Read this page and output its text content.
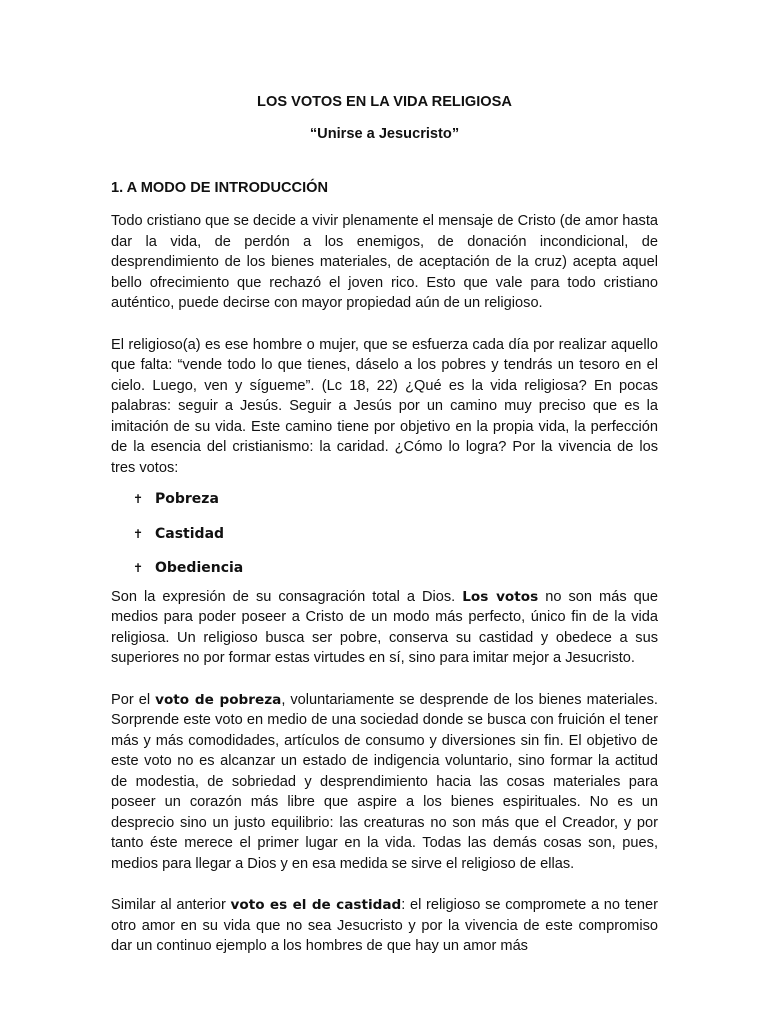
LOS VOTOS EN LA VIDA RELIGIOSA
“Unirse a Jesucristo”
1. A MODO DE INTRODUCCIÓN

Todo cristiano que se decide a vivir plenamente el mensaje de Cristo (de amor hasta dar la vida, de perdón a los enemigos, de donación incondicional, de desprendimiento de los bienes materiales, de aceptación de la cruz) acepta aquel bello ofrecimiento que rechazó el joven rico. Esto que vale para todo cristiano auténtico, puede decirse con mayor propiedad aún de un religioso.

El religioso(a) es ese hombre o mujer, que se esfuerza cada día por realizar aquello que falta: “vende todo lo que tienes, dáselo a los pobres y tendrás un tesoro en el cielo. Luego, ven y sígueme”. (Lc 18, 22) ¿Qué es la vida religiosa? En pocas palabras: seguir a Jesús. Seguir a Jesús por un camino muy preciso que es la imitación de su vida. Este camino tiene por objetivo en la propia vida, la perfección de la esencia del cristianismo: la caridad. ¿Cómo lo logra? Por la vivencia de los tres votos:

✝ Pobreza
✝ Castidad
✝ Obediencia

Son la expresión de su consagración total a Dios. Los votos no son más que medios para poder poseer a Cristo de un modo más perfecto, único fin de la vida religiosa. Un religioso busca ser pobre, conserva su castidad y obedece a sus superiores no por formar estas virtudes en sí, sino para imitar mejor a Jesucristo.

Por el voto de pobreza, voluntariamente se desprende de los bienes materiales. Sorprende este voto en medio de una sociedad donde se busca con fruición el tener más y más comodidades, artículos de consumo y diversiones sin fin. El objetivo de este voto no es alcanzar un estado de indigencia voluntario, sino formar la actitud de modestia, de sobriedad y desprendimiento hacia las cosas materiales para poseer un corazón más libre que aspire a los bienes espirituales. No es un desprecio sino un justo equilibrio: las creaturas no son más que el Creador, y por tanto éste merece el primer lugar en la vida. Todas las demás cosas son, pues, medios para llegar a Dios y en esa medida se sirve el religioso de ellas.

Similar al anterior voto es el de castidad: el religioso se compromete a no tener otro amor en su vida que no sea Jesucristo y por la vivencia de este compromiso dar un continuo ejemplo a los hombres de que hay un amor más
